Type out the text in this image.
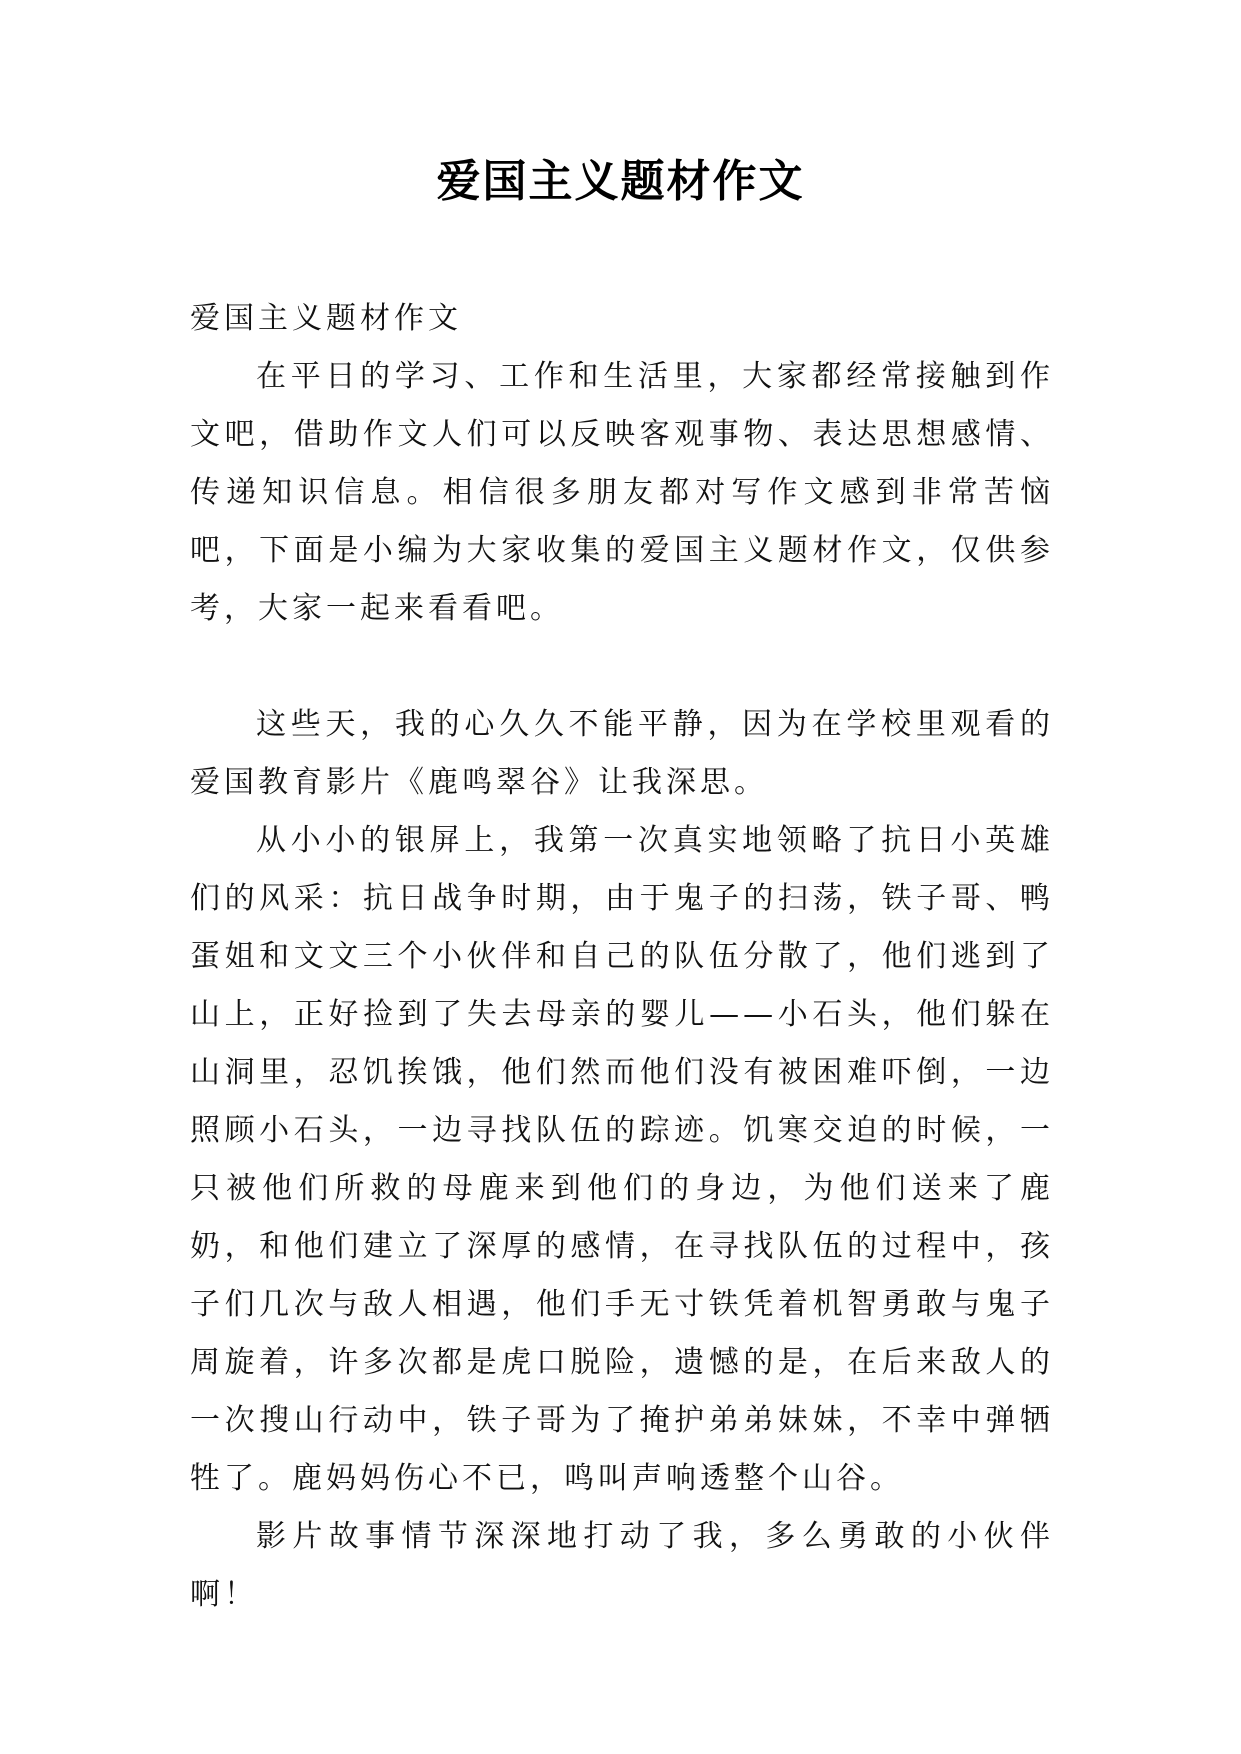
爱国主义题材作文

爱国主义题材作文

在平日的学习、工作和生活里，大家都经常接触到作文吧，借助作文人们可以反映客观事物、表达思想感情、传递知识信息。相信很多朋友都对写作文感到非常苦恼吧，下面是小编为大家收集的爱国主义题材作文，仅供参考，大家一起来看看吧。

这些天，我的心久久不能平静，因为在学校里观看的爱国教育影片《鹿鸣翠谷》让我深思。

从小小的银屏上，我第一次真实地领略了抗日小英雄们的风采：抗日战争时期，由于鬼子的扫荡，铁子哥、鸭蛋姐和文文三个小伙伴和自己的队伍分散了，他们逃到了山上，正好捡到了失去母亲的婴儿——小石头，他们躲在山洞里，忍饥挨饿，他们然而他们没有被困难吓倒，一边照顾小石头，一边寻找队伍的踪迹。饥寒交迫的时候，一只被他们所救的母鹿来到他们的身边，为他们送来了鹿奶，和他们建立了深厚的感情，在寻找队伍的过程中，孩子们几次与敌人相遇，他们手无寸铁凭着机智勇敢与鬼子周旋着，许多次都是虎口脱险，遗憾的是，在后来敌人的一次搜山行动中，铁子哥为了掩护弟弟妹妹，不幸中弹牺牲了。鹿妈妈伤心不已，鸣叫声响透整个山谷。

影片故事情节深深地打动了我，多么勇敢的小伙伴啊！
